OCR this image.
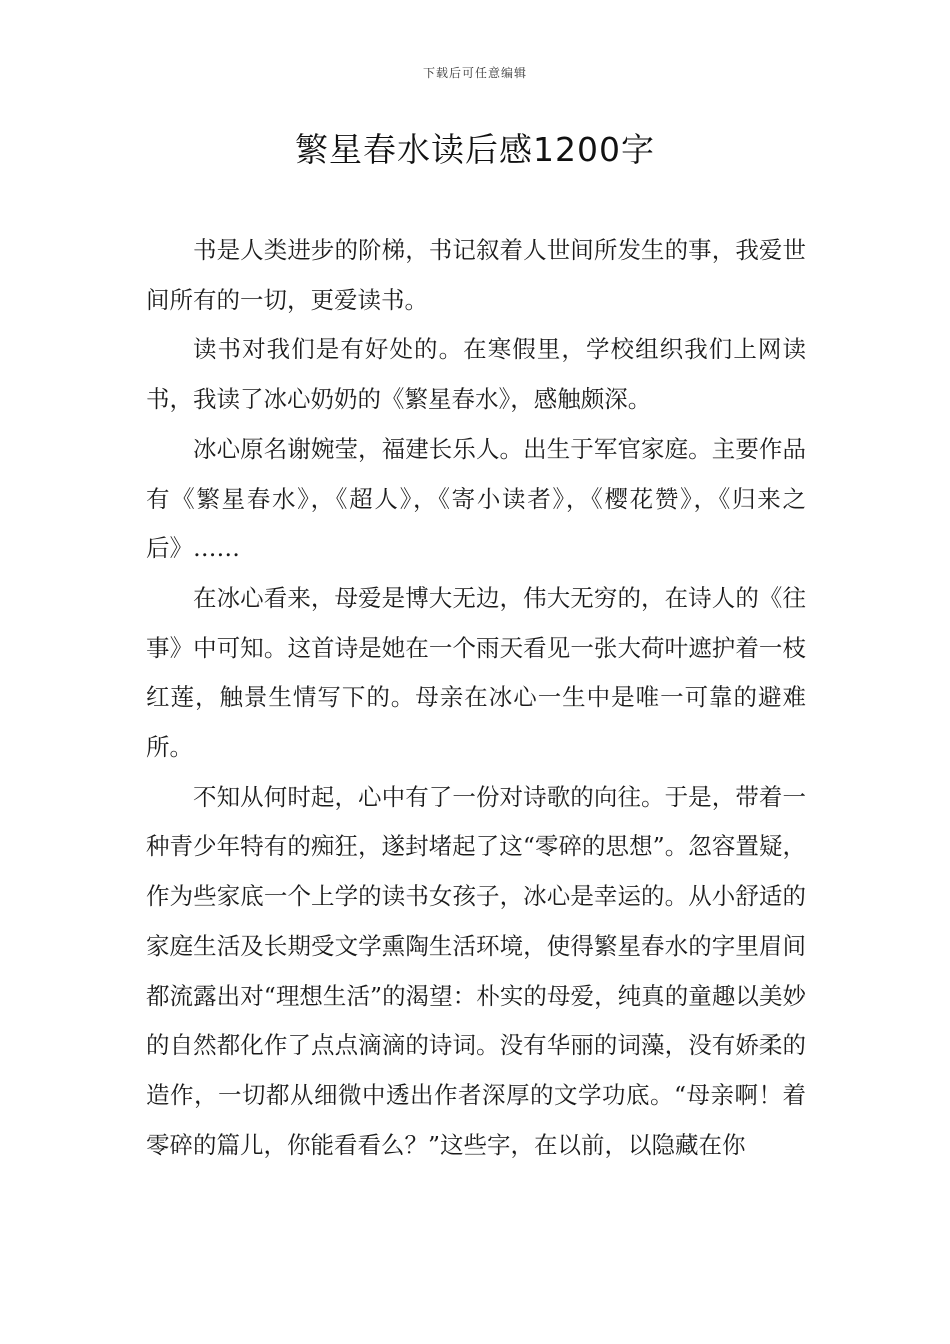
下载后可任意编辑
繁星春水读后感1200字

书是人类进步的阶梯，书记叙着人世间所发生的事，我爱世间所有的一切，更爱读书。

读书对我们是有好处的。在寒假里，学校组织我们上网读书，我读了冰心奶奶的《繁星春水》，感触颇深。

冰心原名谢婉莹，福建长乐人。出生于军官家庭。主要作品有《繁星春水》，《超人》，《寄小读者》，《樱花赞》，《归来之后》……

在冰心看来，母爱是博大无边，伟大无穷的，在诗人的《往事》中可知。这首诗是她在一个雨天看见一张大荷叶遮护着一枝红莲，触景生情写下的。母亲在冰心一生中是唯一可靠的避难所。

不知从何时起，心中有了一份对诗歌的向往。于是，带着一种青少年特有的痴狂，遂封堵起了这“零碎的思想”。忽容置疑，作为些家底一个上学的读书女孩子，冰心是幸运的。从小舒适的家庭生活及长期受文学熏陶生活环境，使得繁星春水的字里眉间都流露出对“理想生活”的渴望：朴实的母爱，纯真的童趣以美妙的自然都化作了点点滴滴的诗词。没有华丽的词藻，没有娇柔的造作，一切都从细微中透出作者深厚的文学功底。“母亲啊！着零碎的篇儿，你能看看么？”这些字，在以前，以隐藏在你
